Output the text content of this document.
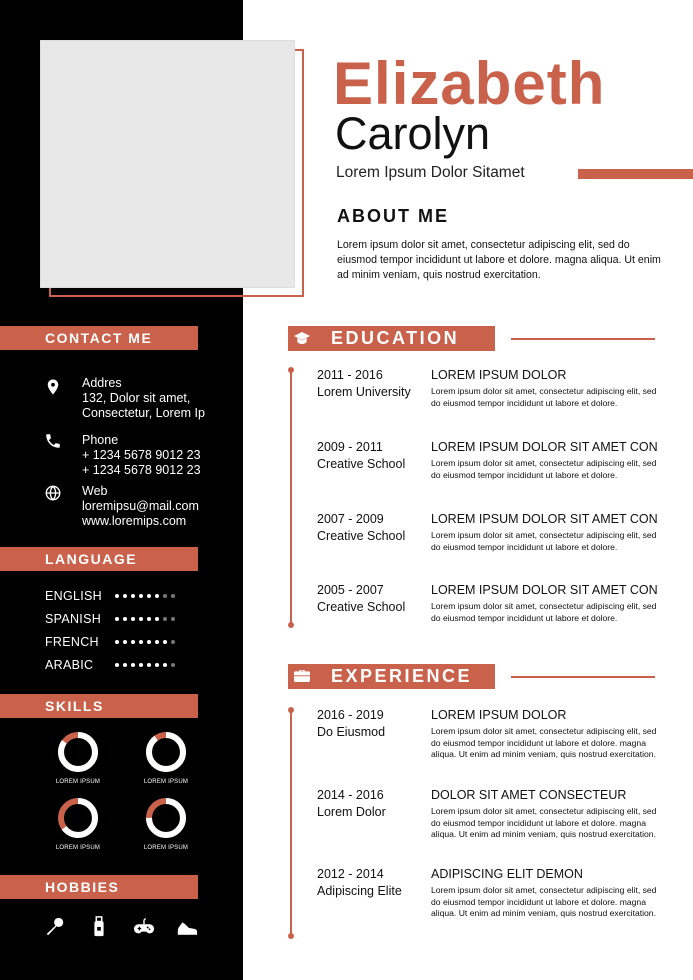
Elizabeth
Carolyn
Lorem Ipsum Dolor Sitamet
ABOUT ME
Lorem ipsum dolor sit amet, consectetur adipiscing elit, sed do eiusmod tempor incididunt ut labore et dolore. magna aliqua. Ut enim ad minim veniam, quis nostrud exercitation.
CONTACT ME
Addres
132, Dolor sit amet,
Consectetur, Lorem Ip
Phone
+ 1234 5678 9012 23
+ 1234 5678 9012 23
Web
loremipsu@mail.com
www.loremips.com
LANGUAGE
ENGLISH
SPANISH
FRENCH
ARABIC
SKILLS
LOREM IPSUM	LOREM IPSUM
LOREM IPSUM	LOREM IPSUM
HOBBIES
EDUCATION
2011 - 2016
Lorem University
LOREM IPSUM DOLOR
Lorem ipsum dolor sit amet, consectetur adipiscing elit, sed do eiusmod tempor incididunt ut labore et dolore.
2009 - 2011
Creative School
LOREM IPSUM DOLOR SIT AMET CON
Lorem ipsum dolor sit amet, consectetur adipiscing elit, sed do eiusmod tempor incididunt ut labore et dolore.
2007 - 2009
Creative School
LOREM IPSUM DOLOR SIT AMET CON
Lorem ipsum dolor sit amet, consectetur adipiscing elit, sed do eiusmod tempor incididunt ut labore et dolore.
2005 - 2007
Creative School
LOREM IPSUM DOLOR SIT AMET CON
Lorem ipsum dolor sit amet, consectetur adipiscing elit, sed do eiusmod tempor incididunt ut labore et dolore.
EXPERIENCE
2016 - 2019
Do Eiusmod
LOREM IPSUM DOLOR
Lorem ipsum dolor sit amet, consectetur adipiscing elit, sed do eiusmod tempor incididunt ut labore et dolore. magna aliqua. Ut enim ad minim veniam, quis nostrud exercitation.
2014 - 2016
Lorem Dolor
DOLOR SIT AMET CONSECTEUR
Lorem ipsum dolor sit amet, consectetur adipiscing elit, sed do eiusmod tempor incididunt ut labore et dolore. magna aliqua. Ut enim ad minim veniam, quis nostrud exercitation.
2012 - 2014
Adipiscing Elite
ADIPISCING ELIT DEMON
Lorem ipsum dolor sit amet, consectetur adipiscing elit, sed do eiusmod tempor incididunt ut labore et dolore. magna aliqua. Ut enim ad minim veniam, quis nostrud exercitation.
